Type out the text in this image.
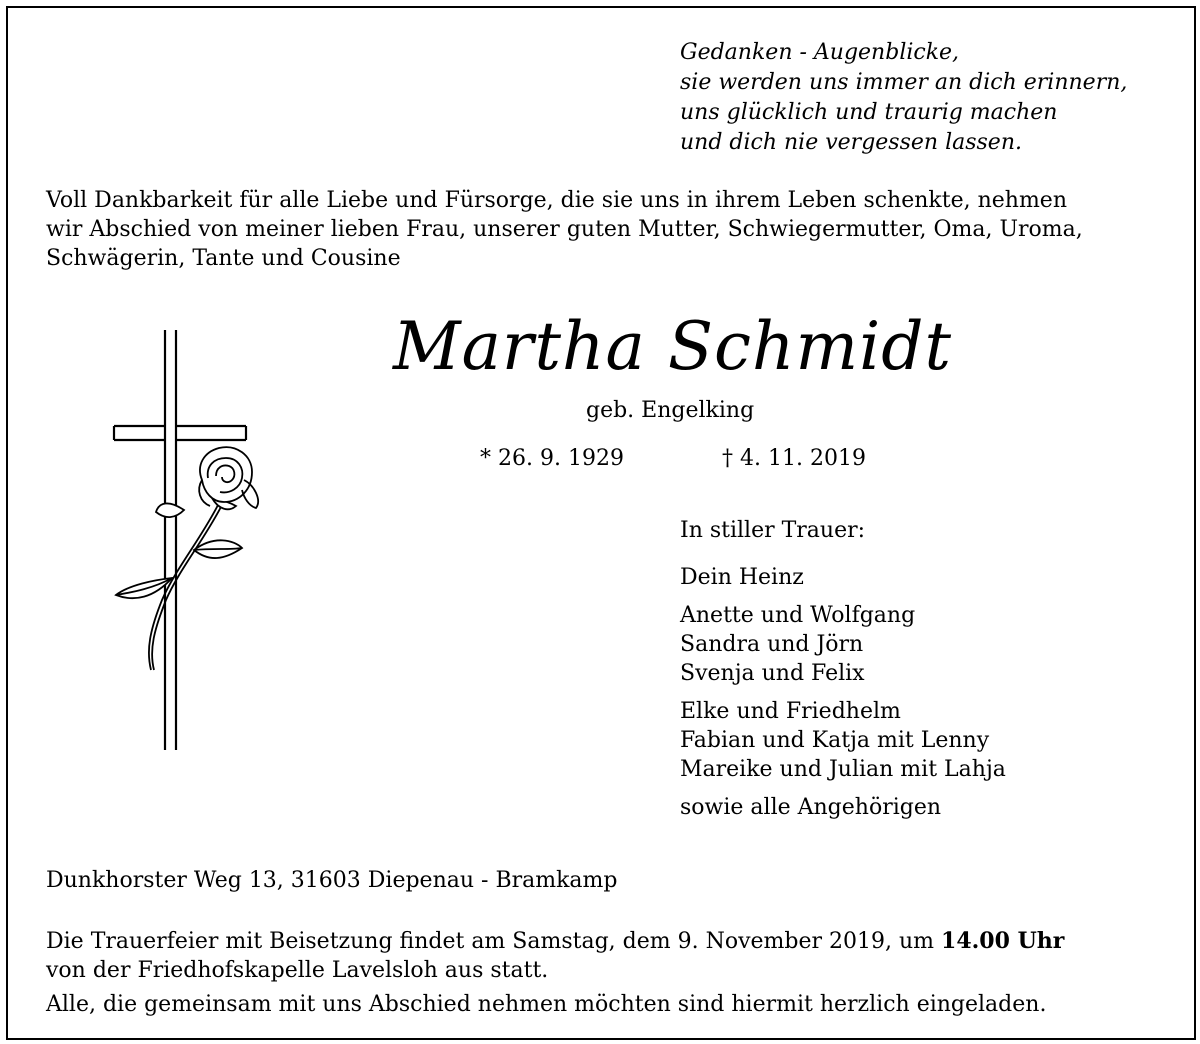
Gedanken - Augenblicke,
sie werden uns immer an dich erinnern,
uns glücklich und traurig machen
und dich nie vergessen lassen.
Voll Dankbarkeit für alle Liebe und Fürsorge, die sie uns in ihrem Leben schenkte, nehmen
wir Abschied von meiner lieben Frau, unserer guten Mutter, Schwiegermutter, Oma, Uroma,
Schwägerin, Tante und Cousine
Martha Schmidt
geb. Engelking
* 26. 9. 1929	† 4. 11. 2019
In stiller Trauer:
Dein Heinz
Anette und Wolfgang
Sandra und Jörn
Svenja und Felix
Elke und Friedhelm
Fabian und Katja mit Lenny
Mareike und Julian mit Lahja
sowie alle Angehörigen
Dunkhorster Weg 13, 31603 Diepenau - Bramkamp
Die Trauerfeier mit Beisetzung findet am Samstag, dem 9. November 2019, um 14.00 Uhr
von der Friedhofskapelle Lavelsloh aus statt.
Alle, die gemeinsam mit uns Abschied nehmen möchten sind hiermit herzlich eingeladen.
